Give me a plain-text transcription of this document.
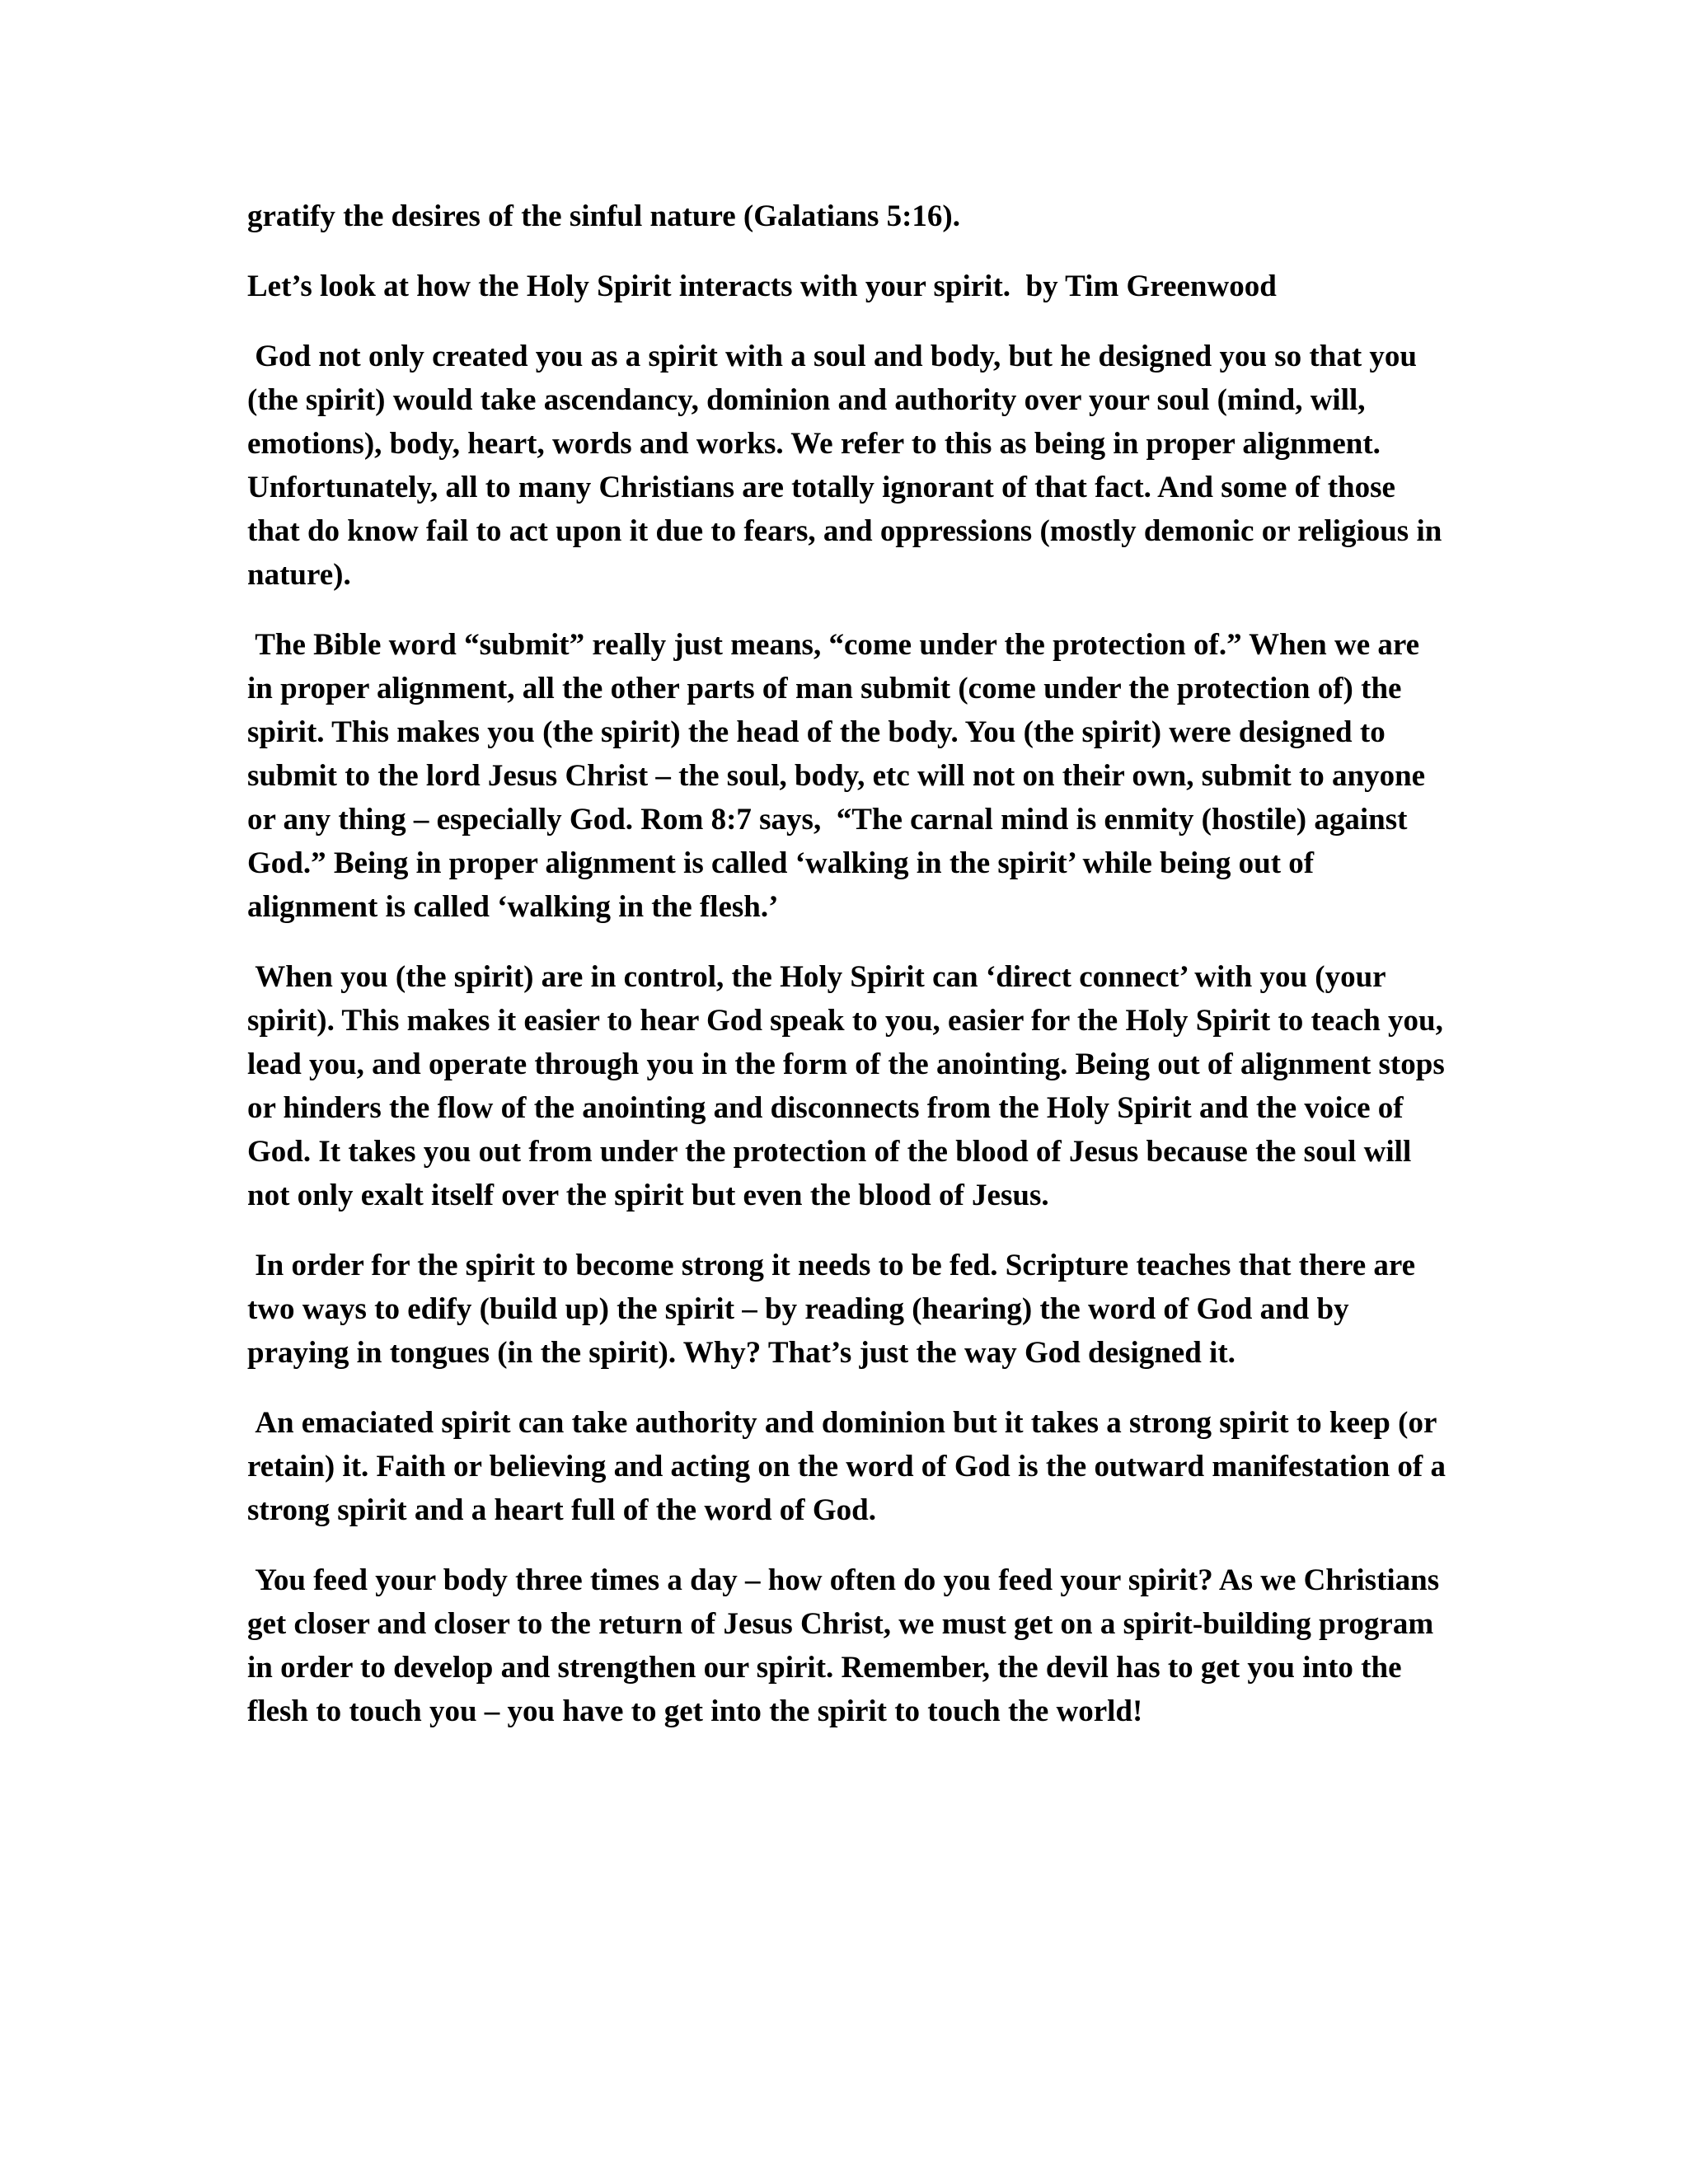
gratify the desires of the sinful nature (Galatians 5:16).

Let’s look at how the Holy Spirit interacts with your spirit.  by Tim Greenwood

God not only created you as a spirit with a soul and body, but he designed you so that you (the spirit) would take ascendancy, dominion and authority over your soul (mind, will, emotions), body, heart, words and works. We refer to this as being in proper alignment. Unfortunately, all to many Christians are totally ignorant of that fact. And some of those that do know fail to act upon it due to fears, and oppressions (mostly demonic or religious in nature).

The Bible word “submit” really just means, “come under the protection of.” When we are in proper alignment, all the other parts of man submit (come under the protection of) the spirit. This makes you (the spirit) the head of the body. You (the spirit) were designed to submit to the lord Jesus Christ – the soul, body, etc will not on their own, submit to anyone or any thing – especially God. Rom 8:7 says,  “The carnal mind is enmity (hostile) against God.” Being in proper alignment is called ‘walking in the spirit’ while being out of alignment is called ‘walking in the flesh.’

When you (the spirit) are in control, the Holy Spirit can ‘direct connect’ with you (your spirit). This makes it easier to hear God speak to you, easier for the Holy Spirit to teach you, lead you, and operate through you in the form of the anointing. Being out of alignment stops or hinders the flow of the anointing and disconnects from the Holy Spirit and the voice of God. It takes you out from under the protection of the blood of Jesus because the soul will not only exalt itself over the spirit but even the blood of Jesus.

In order for the spirit to become strong it needs to be fed. Scripture teaches that there are two ways to edify (build up) the spirit – by reading (hearing) the word of God and by praying in tongues (in the spirit). Why? That’s just the way God designed it.

An emaciated spirit can take authority and dominion but it takes a strong spirit to keep (or retain) it. Faith or believing and acting on the word of God is the outward manifestation of a strong spirit and a heart full of the word of God.

You feed your body three times a day – how often do you feed your spirit? As we Christians get closer and closer to the return of Jesus Christ, we must get on a spirit-building program in order to develop and strengthen our spirit. Remember, the devil has to get you into the flesh to touch you – you have to get into the spirit to touch the world!
